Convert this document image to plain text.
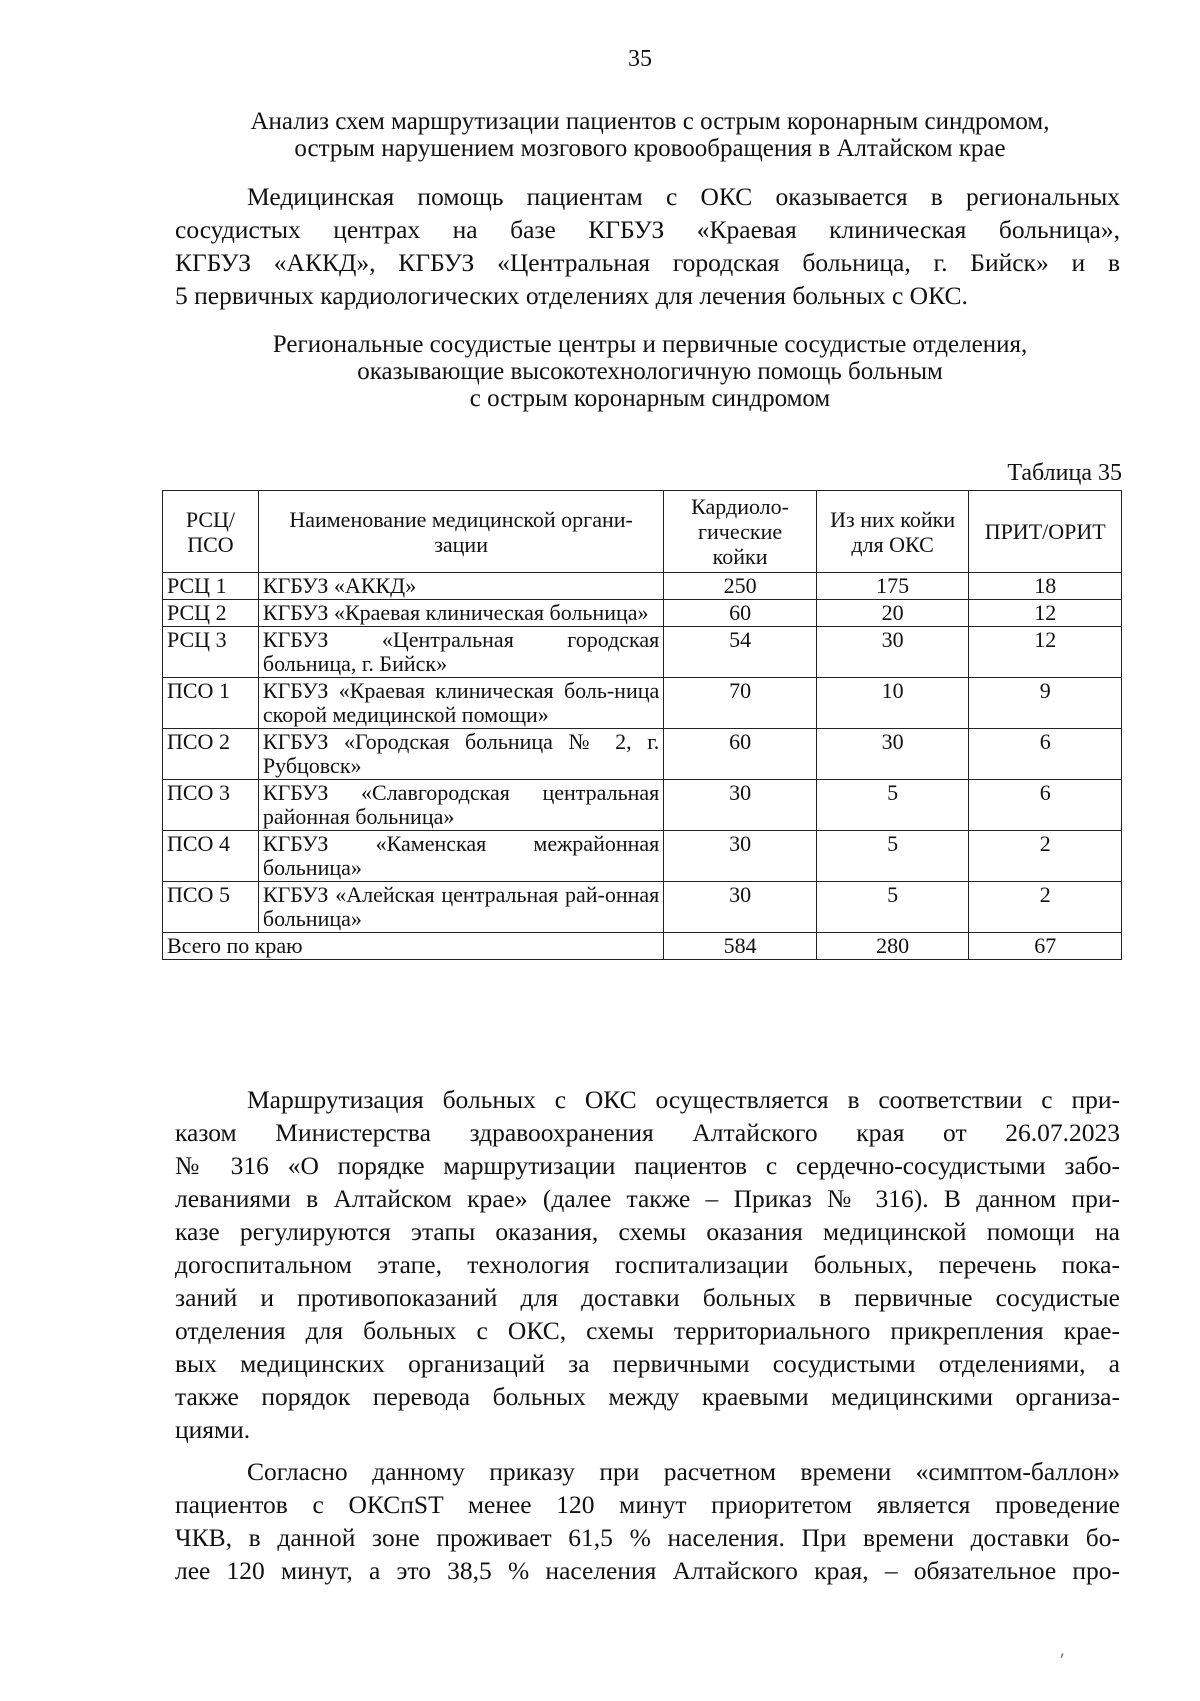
35
Анализ схем маршрутизации пациентов с острым коронарным синдромом,
острым нарушением мозгового кровообращения в Алтайском крае
Медицинская помощь пациентам с ОКС оказывается в региональных
сосудистых центрах на базе КГБУЗ «Краевая клиническая больница»,
КГБУЗ «АККД», КГБУЗ «Центральная городская больница, г. Бийск» и в
5 первичных кардиологических отделениях для лечения больных с ОКС.
Региональные сосудистые центры и первичные сосудистые отделения,
оказывающие высокотехнологичную помощь больным
с острым коронарным синдромом
Таблица 35
РСЦ/ ПСО	Наименование медицинской органи-зации	Кардиоло-гические койки	Из них койки для ОКС	ПРИТ/ОРИТ
РСЦ 1	КГБУЗ «АККД»	250	175	18
РСЦ 2	КГБУЗ «Краевая клиническая больница»	60	20	12
РСЦ 3	КГБУЗ «Центральная городская больница, г. Бийск»	54	30	12
ПСО 1	КГБУЗ «Краевая клиническая боль-ница скорой медицинской помощи»	70	10	9
ПСО 2	КГБУЗ «Городская больница № 2, г. Рубцовск»	60	30	6
ПСО 3	КГБУЗ «Славгородская центральная районная больница»	30	5	6
ПСО 4	КГБУЗ «Каменская межрайонная больница»	30	5	2
ПСО 5	КГБУЗ «Алейская центральная рай-онная больница»	30	5	2
Всего по краю		584	280	67
Маршрутизация больных с ОКС осуществляется в соответствии с при-
казом Министерства здравоохранения Алтайского края от 26.07.2023
№ 316 «О порядке маршрутизации пациентов с сердечно-сосудистыми забо-
леваниями в Алтайском крае» (далее также – Приказ № 316). В данном при-
казе регулируются этапы оказания, схемы оказания медицинской помощи на
догоспитальном этапе, технология госпитализации больных, перечень пока-
заний и противопоказаний для доставки больных в первичные сосудистые
отделения для больных с ОКС, схемы территориального прикрепления крае-
вых медицинских организаций за первичными сосудистыми отделениями, а
также порядок перевода больных между краевыми медицинскими организа-
циями.
Согласно данному приказу при расчетном времени «симптом-баллон»
пациентов с ОКСпST менее 120 минут приоритетом является проведение
ЧКВ, в данной зоне проживает 61,5 % населения. При времени доставки бо-
лее 120 минут, а это 38,5 % населения Алтайского края, – обязательное про-
⸴
